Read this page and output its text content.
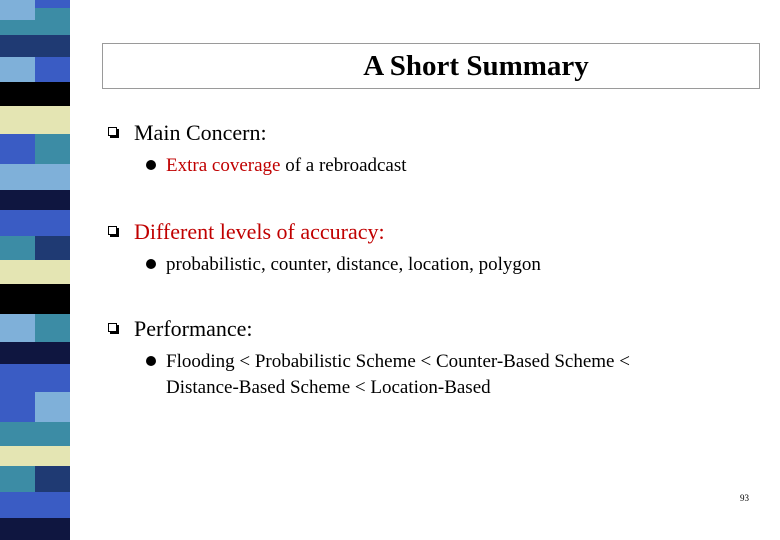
A Short Summary
Main Concern:
Extra coverage of a rebroadcast
Different levels of accuracy:
probabilistic, counter, distance, location, polygon
Performance:
Flooding < Probabilistic Scheme < Counter-Based Scheme <
Distance-Based Scheme < Location-Based
93
